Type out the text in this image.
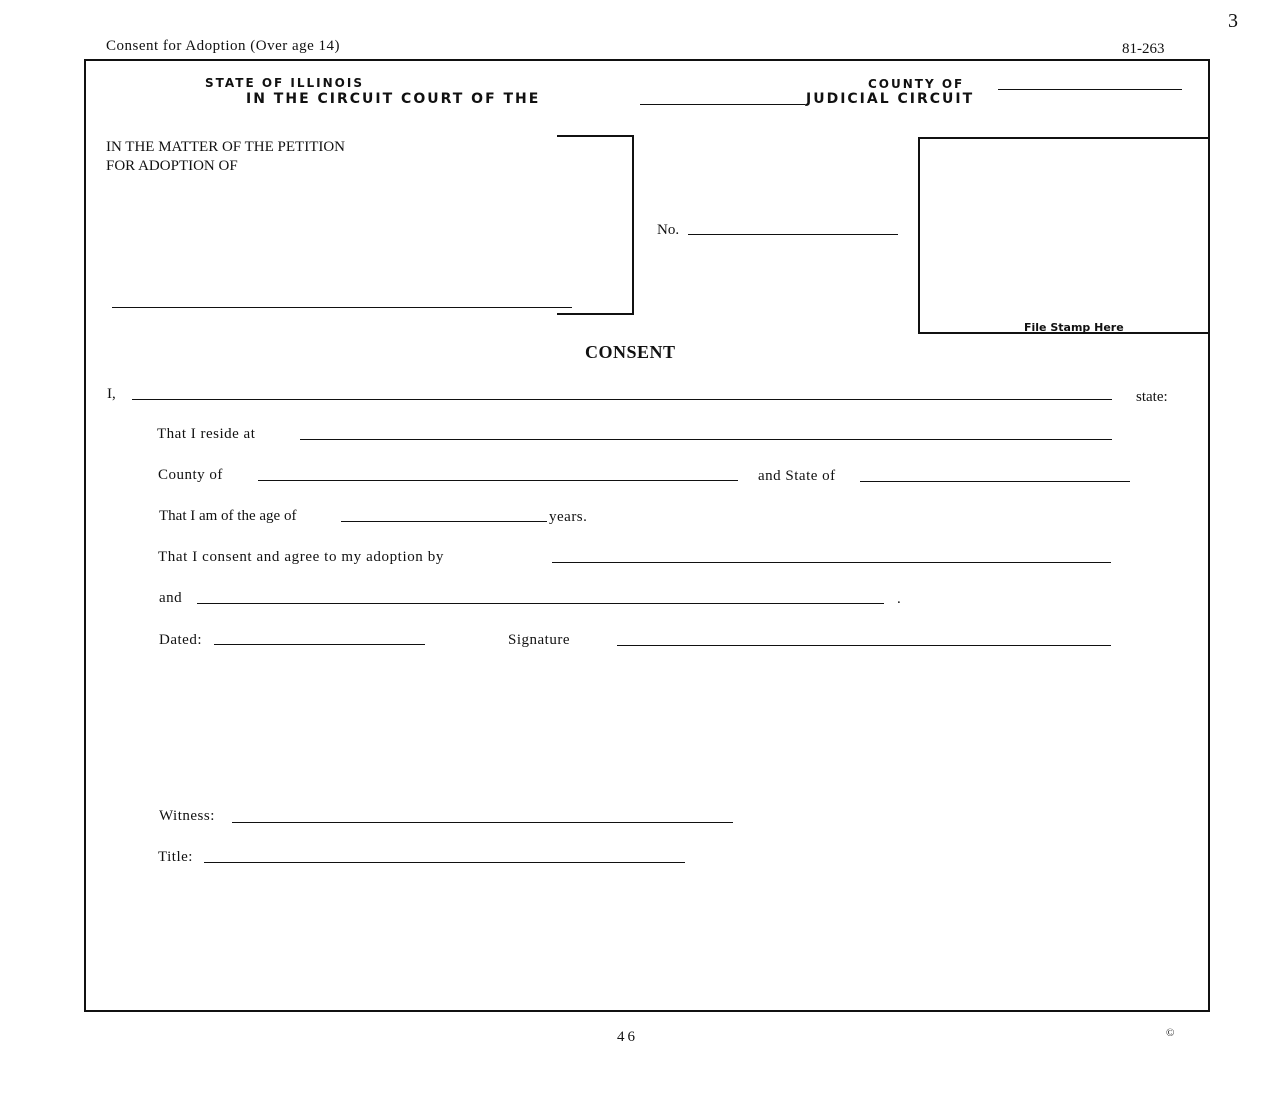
Consent for Adoption (Over age 14)	81-263
3
STATE OF ILLINOIS
IN THE CIRCUIT COURT OF THE	JUDICIAL CIRCUIT
COUNTY OF
IN THE MATTER OF THE PETITION
FOR ADOPTION OF
No.
File Stamp Here
CONSENT
I,	state:
That I reside at
County of	and State of
That I am of the age of	years.
That I consent and agree to my adoption by
and	.
Dated:	Signature
Witness:
Title:
46	©
